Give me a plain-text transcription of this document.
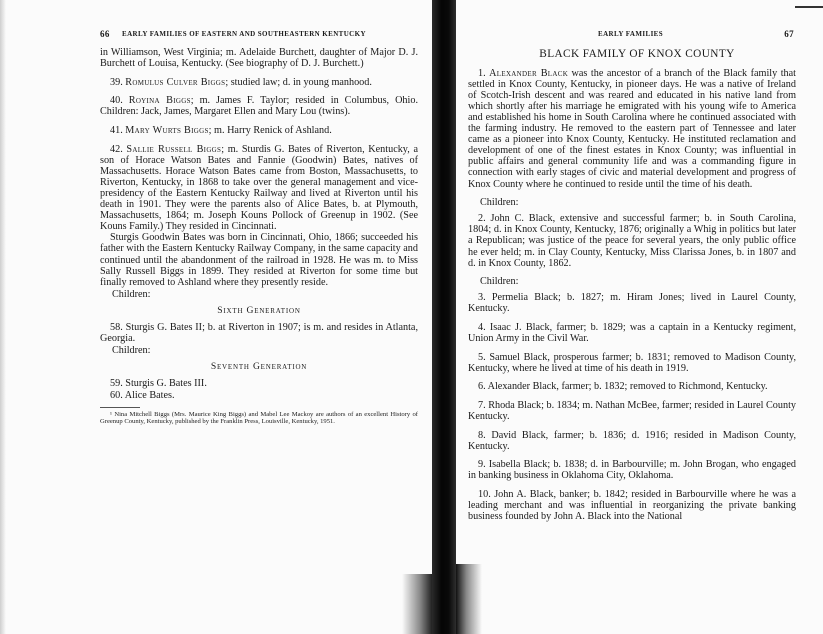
66 EARLY FAMILIES OF EASTERN AND SOUTHEASTERN KENTUCKY

in Williamson, West Virginia; m. Adelaide Burchett, daughter of Major D. J. Burchett of Louisa, Kentucky. (See biography of D. J. Burchett.)

39. Romulus Culver Biggs; studied law; d. in young manhood.

40. Royina Biggs; m. James F. Taylor; resided in Columbus, Ohio. Children: Jack, James, Margaret Ellen and Mary Lou (twins).

41. Mary Wurts Biggs; m. Harry Renick of Ashland.

42. Sallie Russell Biggs; m. Sturdis G. Bates of Riverton, Kentucky, a son of Horace Watson Bates and Fannie (Goodwin) Bates, natives of Massachusetts. Horace Watson Bates came from Boston, Massachusetts, to Riverton, Kentucky, in 1868 to take over the general management and vice-presidency of the Eastern Kentucky Railway and lived at Riverton until his death in 1901. They were the parents also of Alice Bates, b. at Plymouth, Massachusetts, 1864; m. Joseph Kouns Pollock of Greenup in 1902. (See Kouns Family.) They resided in Cincinnati.

Sturgis Goodwin Bates was born in Cincinnati, Ohio, 1866; succeeded his father with the Eastern Kentucky Railway Company, in the same capacity and continued until the abandonment of the railroad in 1928. He was m. to Miss Sally Russell Biggs in 1899. They resided at Riverton for some time but finally removed to Ashland where they presently reside.

Children:

Sixth Generation

58. Sturgis G. Bates II; b. at Riverton in 1907; is m. and resides in Atlanta, Georgia.

Children:

Seventh Generation

59. Sturgis G. Bates III.

60. Alice Bates.

¹ Nina Mitchell Biggs (Mrs. Maurice King Biggs) and Mabel Lee Mackoy are authors of an excellent History of Greenup County, Kentucky, published by the Franklin Press, Louisville, Kentucky, 1951.

EARLY FAMILIES	67

BLACK FAMILY OF KNOX COUNTY

1. Alexander Black was the ancestor of a branch of the Black family that settled in Knox County, Kentucky, in pioneer days. He was a native of Ireland of Scotch-Irish descent and was reared and educated in his native land from which shortly after his marriage he emigrated with his young wife to America and established his home in South Carolina where he continued associated with the farming industry. He removed to the eastern part of Tennessee and later came as a pioneer into Knox County, Kentucky. He instituted reclamation and development of one of the finest estates in Knox County; was influential in public affairs and general community life and was a commanding figure in connection with early stages of civic and material development and progress of Knox County where he continued to reside until the time of his death.

Children:

2. John C. Black, extensive and successful farmer; b. in South Carolina, 1804; d. in Knox County, Kentucky, 1876; originally a Whig in politics but later a Republican; was justice of the peace for several years, the only public office he ever held; m. in Clay County, Kentucky, Miss Clarissa Jones, b. in 1807 and d. in Knox County, 1862.

Children:

3. Permelia Black; b. 1827; m. Hiram Jones; lived in Laurel County, Kentucky.

4. Isaac J. Black, farmer; b. 1829; was a captain in a Kentucky regiment, Union Army in the Civil War.

5. Samuel Black, prosperous farmer; b. 1831; removed to Madison County, Kentucky, where he lived at time of his death in 1919.

6. Alexander Black, farmer; b. 1832; removed to Richmond, Kentucky.

7. Rhoda Black; b. 1834; m. Nathan McBee, farmer; resided in Laurel County Kentucky.

8. David Black, farmer; b. 1836; d. 1916; resided in Madison County, Kentucky.

9. Isabella Black; b. 1838; d. in Barbourville; m. John Brogan, who engaged in banking business in Oklahoma City, Oklahoma.

10. John A. Black, banker; b. 1842; resided in Barbourville where he was a leading merchant and was influential in reorganizing the private banking business founded by John A. Black into the National
